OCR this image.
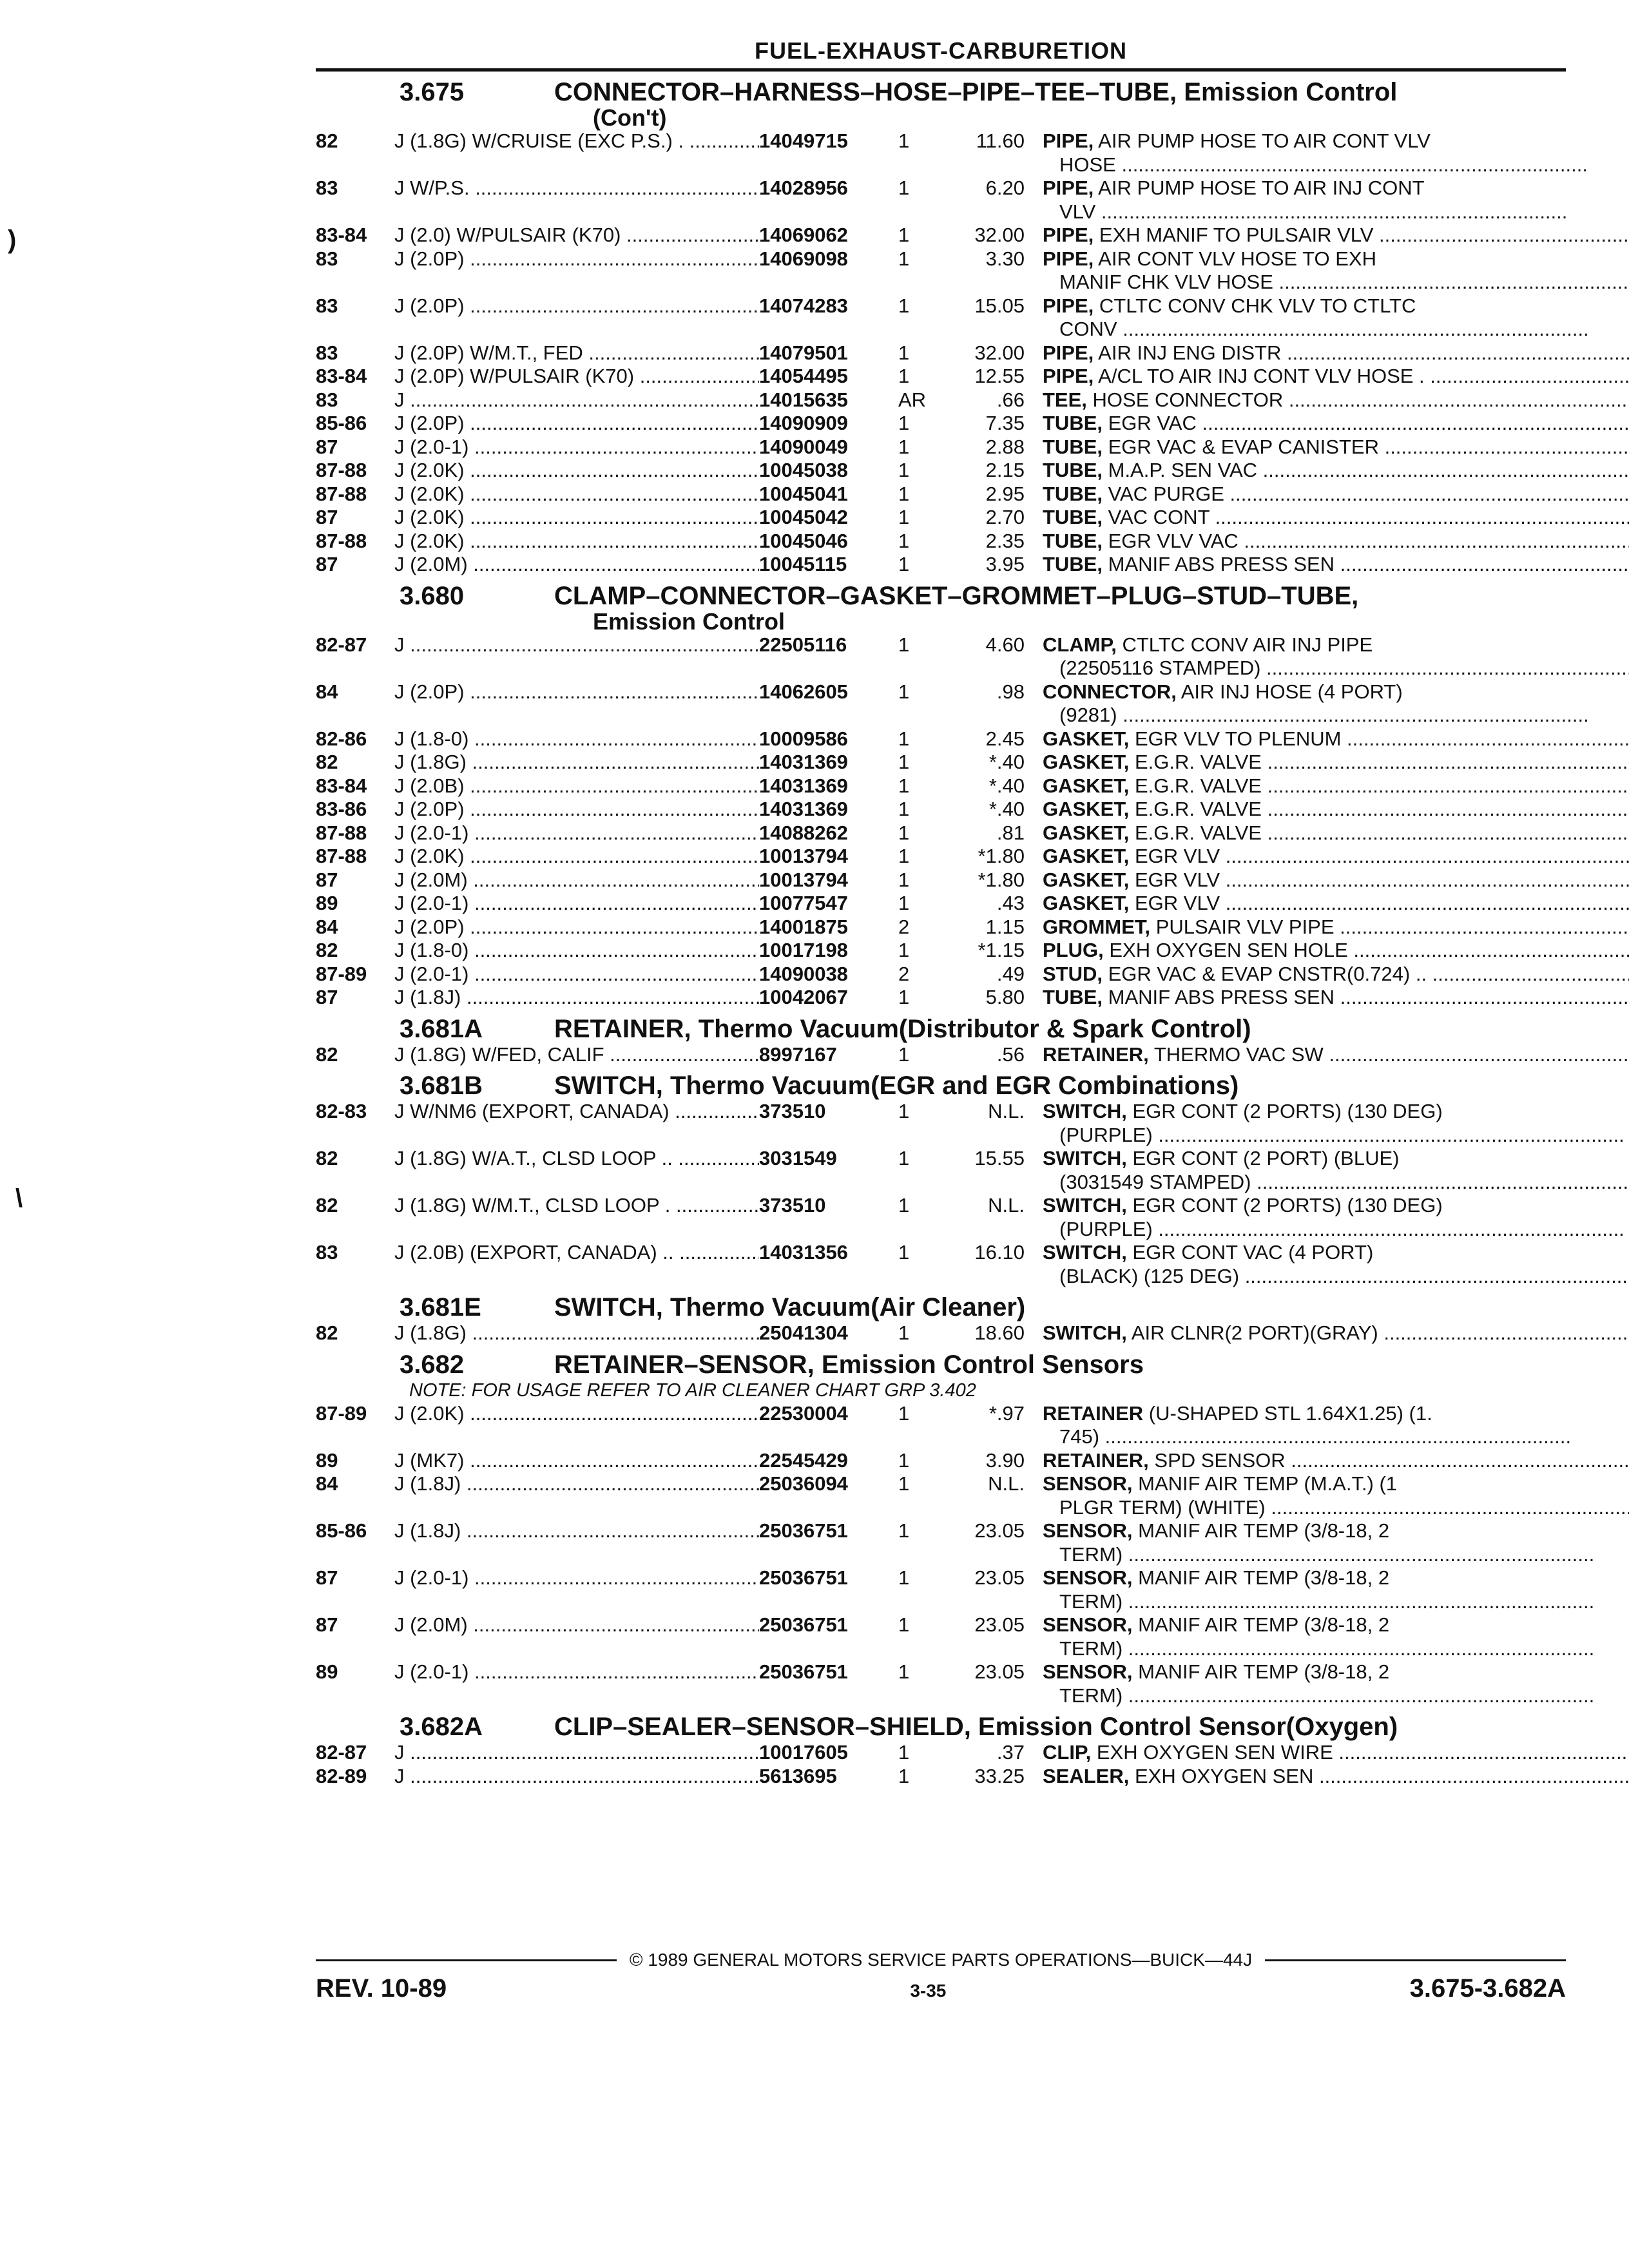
)
\
FUEL-EXHAUST-CARBURETION
3.675	CONNECTOR–HARNESS–HOSE–PIPE–TEE–TUBE, Emission Control
(Con't)
82	J (1.8G) W/CRUISE (EXC P.S.) . .....	14049715	1	11.60 PIPE, AIR PUMP HOSE TO AIR CONT VLV
HOSE .....
83	J W/P.S. .....	14028956	1	6.20 PIPE, AIR PUMP HOSE TO AIR INJ CONT
VLV .....
83-84	J (2.0) W/PULSAIR (K70) .....	14069062	1	32.00 PIPE, EXH MANIF TO PULSAIR VLV .....
83	J (2.0P) .....	14069098	1	3.30 PIPE, AIR CONT VLV HOSE TO EXH
MANIF CHK VLV HOSE .....
83	J (2.0P) .....	14074283	1	15.05 PIPE, CTLTC CONV CHK VLV TO CTLTC
CONV .....
83	J (2.0P) W/M.T., FED .....	14079501	1	32.00 PIPE, AIR INJ ENG DISTR .....
83-84	J (2.0P) W/PULSAIR (K70) .....	14054495	1	12.55 PIPE, A/CL TO AIR INJ CONT VLV HOSE . .....
83	J .....	14015635	AR	.66 TEE, HOSE CONNECTOR .....
85-86	J (2.0P) .....	14090909	1	7.35 TUBE, EGR VAC .....
87	J (2.0-1) .....	14090049	1	2.88 TUBE, EGR VAC & EVAP CANISTER .....
87-88	J (2.0K) .....	10045038	1	2.15 TUBE, M.A.P. SEN VAC .....
87-88	J (2.0K) .....	10045041	1	2.95 TUBE, VAC PURGE .....
87	J (2.0K) .....	10045042	1	2.70 TUBE, VAC CONT .....
87-88	J (2.0K) .....	10045046	1	2.35 TUBE, EGR VLV VAC .....
87	J (2.0M) .....	10045115	1	3.95 TUBE, MANIF ABS PRESS SEN .....
3.680	CLAMP–CONNECTOR–GASKET–GROMMET–PLUG–STUD–TUBE,
Emission Control
82-87	J .....	22505116	1	4.60 CLAMP, CTLTC CONV AIR INJ PIPE
(22505116 STAMPED) .....
84	J (2.0P) .....	14062605	1	.98 CONNECTOR, AIR INJ HOSE (4 PORT)
(9281) .....
82-86	J (1.8-0) .....	10009586	1	2.45 GASKET, EGR VLV TO PLENUM .....
82	J (1.8G) .....	14031369	1	*.40 GASKET, E.G.R. VALVE .....
83-84	J (2.0B) .....	14031369	1	*.40 GASKET, E.G.R. VALVE .....
83-86	J (2.0P) .....	14031369	1	*.40 GASKET, E.G.R. VALVE .....
87-88	J (2.0-1) .....	14088262	1	.81 GASKET, E.G.R. VALVE .....
87-88	J (2.0K) .....	10013794	1	*1.80 GASKET, EGR VLV .....
87	J (2.0M) .....	10013794	1	*1.80 GASKET, EGR VLV .....
89	J (2.0-1) .....	10077547	1	.43 GASKET, EGR VLV .....
84	J (2.0P) .....	14001875	2	1.15 GROMMET, PULSAIR VLV PIPE .....
82	J (1.8-0) .....	10017198	1	*1.15 PLUG, EXH OXYGEN SEN HOLE .....
87-89	J (2.0-1) .....	14090038	2	.49 STUD, EGR VAC & EVAP CNSTR(0.724) .. .....
87	J (1.8J) .....	10042067	1	5.80 TUBE, MANIF ABS PRESS SEN .....
3.681A	RETAINER, Thermo Vacuum(Distributor & Spark Control)
82	J (1.8G) W/FED, CALIF .....	8997167	1	.56 RETAINER, THERMO VAC SW .....
3.681B	SWITCH, Thermo Vacuum(EGR and EGR Combinations)
82-83	J W/NM6 (EXPORT, CANADA) .....	373510	1	N.L. SWITCH, EGR CONT (2 PORTS) (130 DEG)
(PURPLE) .....
82	J (1.8G) W/A.T., CLSD LOOP .. .....	3031549	1	15.55 SWITCH, EGR CONT (2 PORT) (BLUE)
(3031549 STAMPED) .....
82	J (1.8G) W/M.T., CLSD LOOP . .....	373510	1	N.L. SWITCH, EGR CONT (2 PORTS) (130 DEG)
(PURPLE) .....
83	J (2.0B) (EXPORT, CANADA) .. .....	14031356	1	16.10 SWITCH, EGR CONT VAC (4 PORT)
(BLACK) (125 DEG) .....
3.681E	SWITCH, Thermo Vacuum(Air Cleaner)
82	J (1.8G) .....	25041304	1	18.60 SWITCH, AIR CLNR(2 PORT)(GRAY) .....
3.682	RETAINER–SENSOR, Emission Control Sensors
NOTE: FOR USAGE REFER TO AIR CLEANER CHART GRP 3.402
87-89	J (2.0K) .....	22530004	1	*.97 RETAINER (U-SHAPED STL 1.64X1.25) (1.
745) .....
89	J (MK7) .....	22545429	1	3.90 RETAINER, SPD SENSOR .....
84	J (1.8J) .....	25036094	1	N.L. SENSOR, MANIF AIR TEMP (M.A.T.) (1
PLGR TERM) (WHITE) .....
85-86	J (1.8J) .....	25036751	1	23.05 SENSOR, MANIF AIR TEMP (3/8-18, 2
TERM) .....
87	J (2.0-1) .....	25036751	1	23.05 SENSOR, MANIF AIR TEMP (3/8-18, 2
TERM) .....
87	J (2.0M) .....	25036751	1	23.05 SENSOR, MANIF AIR TEMP (3/8-18, 2
TERM) .....
89	J (2.0-1) .....	25036751	1	23.05 SENSOR, MANIF AIR TEMP (3/8-18, 2
TERM) .....
3.682A	CLIP–SEALER–SENSOR–SHIELD, Emission Control Sensor(Oxygen)
82-87	J .....	10017605	1	.37 CLIP, EXH OXYGEN SEN WIRE .....
82-89	J .....	5613695	1	33.25 SEALER, EXH OXYGEN SEN .....
© 1989 GENERAL MOTORS SERVICE PARTS OPERATIONS—BUICK—44J
REV. 10-89	3-35	3.675-3.682A
